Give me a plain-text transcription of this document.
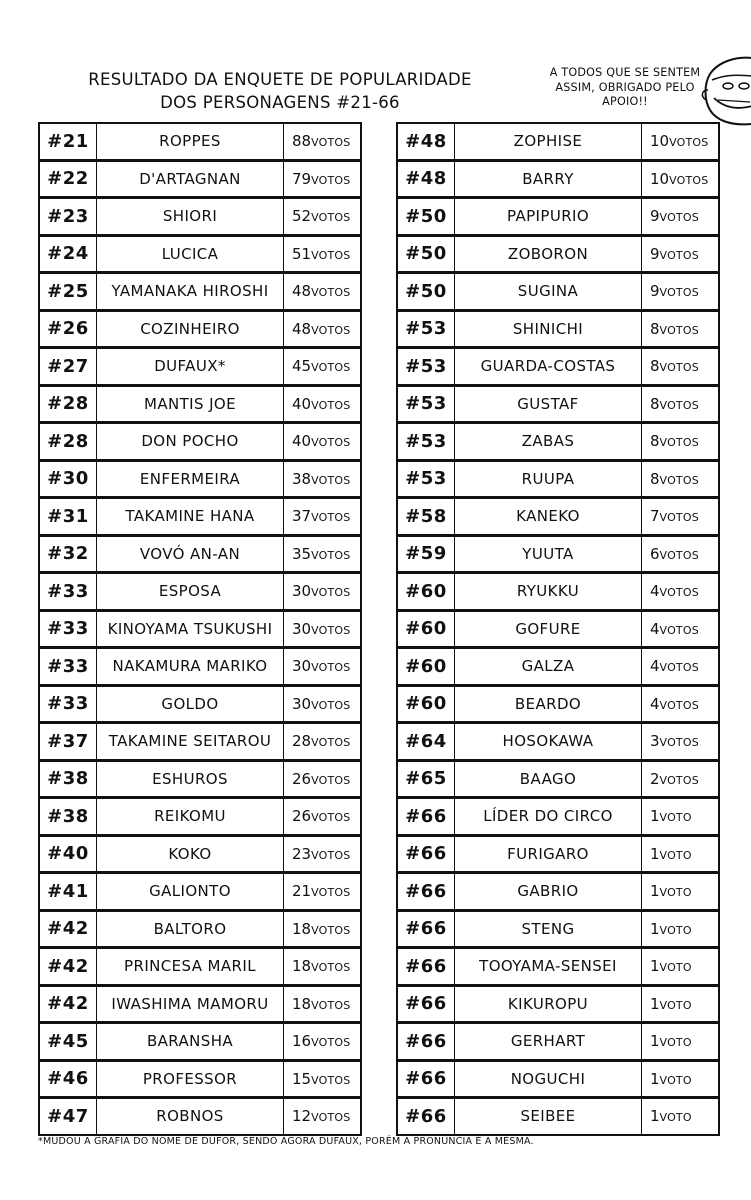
RESULTADO DA ENQUETE DE POPULARIDADE
DOS PERSONAGENS #21-66
A TODOS QUE SE SENTEM
ASSIM, OBRIGADO PELO
APOIO!!
#21	ROPPES	88VOTOS
#22	D'ARTAGNAN	79VOTOS
#23	SHIORI	52VOTOS
#24	LUCICA	51VOTOS
#25	YAMANAKA HIROSHI	48VOTOS
#26	COZINHEIRO	48VOTOS
#27	DUFAUX*	45VOTOS
#28	MANTIS JOE	40VOTOS
#28	DON POCHO	40VOTOS
#30	ENFERMEIRA	38VOTOS
#31	TAKAMINE HANA	37VOTOS
#32	VOVÓ AN-AN	35VOTOS
#33	ESPOSA	30VOTOS
#33	KINOYAMA TSUKUSHI	30VOTOS
#33	NAKAMURA MARIKO	30VOTOS
#33	GOLDO	30VOTOS
#37	TAKAMINE SEITAROU	28VOTOS
#38	ESHUROS	26VOTOS
#38	REIKOMU	26VOTOS
#40	KOKO	23VOTOS
#41	GALIONTO	21VOTOS
#42	BALTORO	18VOTOS
#42	PRINCESA MARIL	18VOTOS
#42	IWASHIMA MAMORU	18VOTOS
#45	BARANSHA	16VOTOS
#46	PROFESSOR	15VOTOS
#47	ROBNOS	12VOTOS
#48	ZOPHISE	10VOTOS
#48	BARRY	10VOTOS
#50	PAPIPURIO	9VOTOS
#50	ZOBORON	9VOTOS
#50	SUGINA	9VOTOS
#53	SHINICHI	8VOTOS
#53	GUARDA-COSTAS	8VOTOS
#53	GUSTAF	8VOTOS
#53	ZABAS	8VOTOS
#53	RUUPA	8VOTOS
#58	KANEKO	7VOTOS
#59	YUUTA	6VOTOS
#60	RYUKKU	4VOTOS
#60	GOFURE	4VOTOS
#60	GALZA	4VOTOS
#60	BEARDO	4VOTOS
#64	HOSOKAWA	3VOTOS
#65	BAAGO	2VOTOS
#66	LÍDER DO CIRCO	1VOTO
#66	FURIGARO	1VOTO
#66	GABRIO	1VOTO
#66	STENG	1VOTO
#66	TOOYAMA-SENSEI	1VOTO
#66	KIKUROPU	1VOTO
#66	GERHART	1VOTO
#66	NOGUCHI	1VOTO
#66	SEIBEE	1VOTO
*MUDOU A GRAFIA DO NOME DE DUFOR, SENDO AGORA DUFAUX, PORÉM A PRONÚNCIA É A MESMA.
